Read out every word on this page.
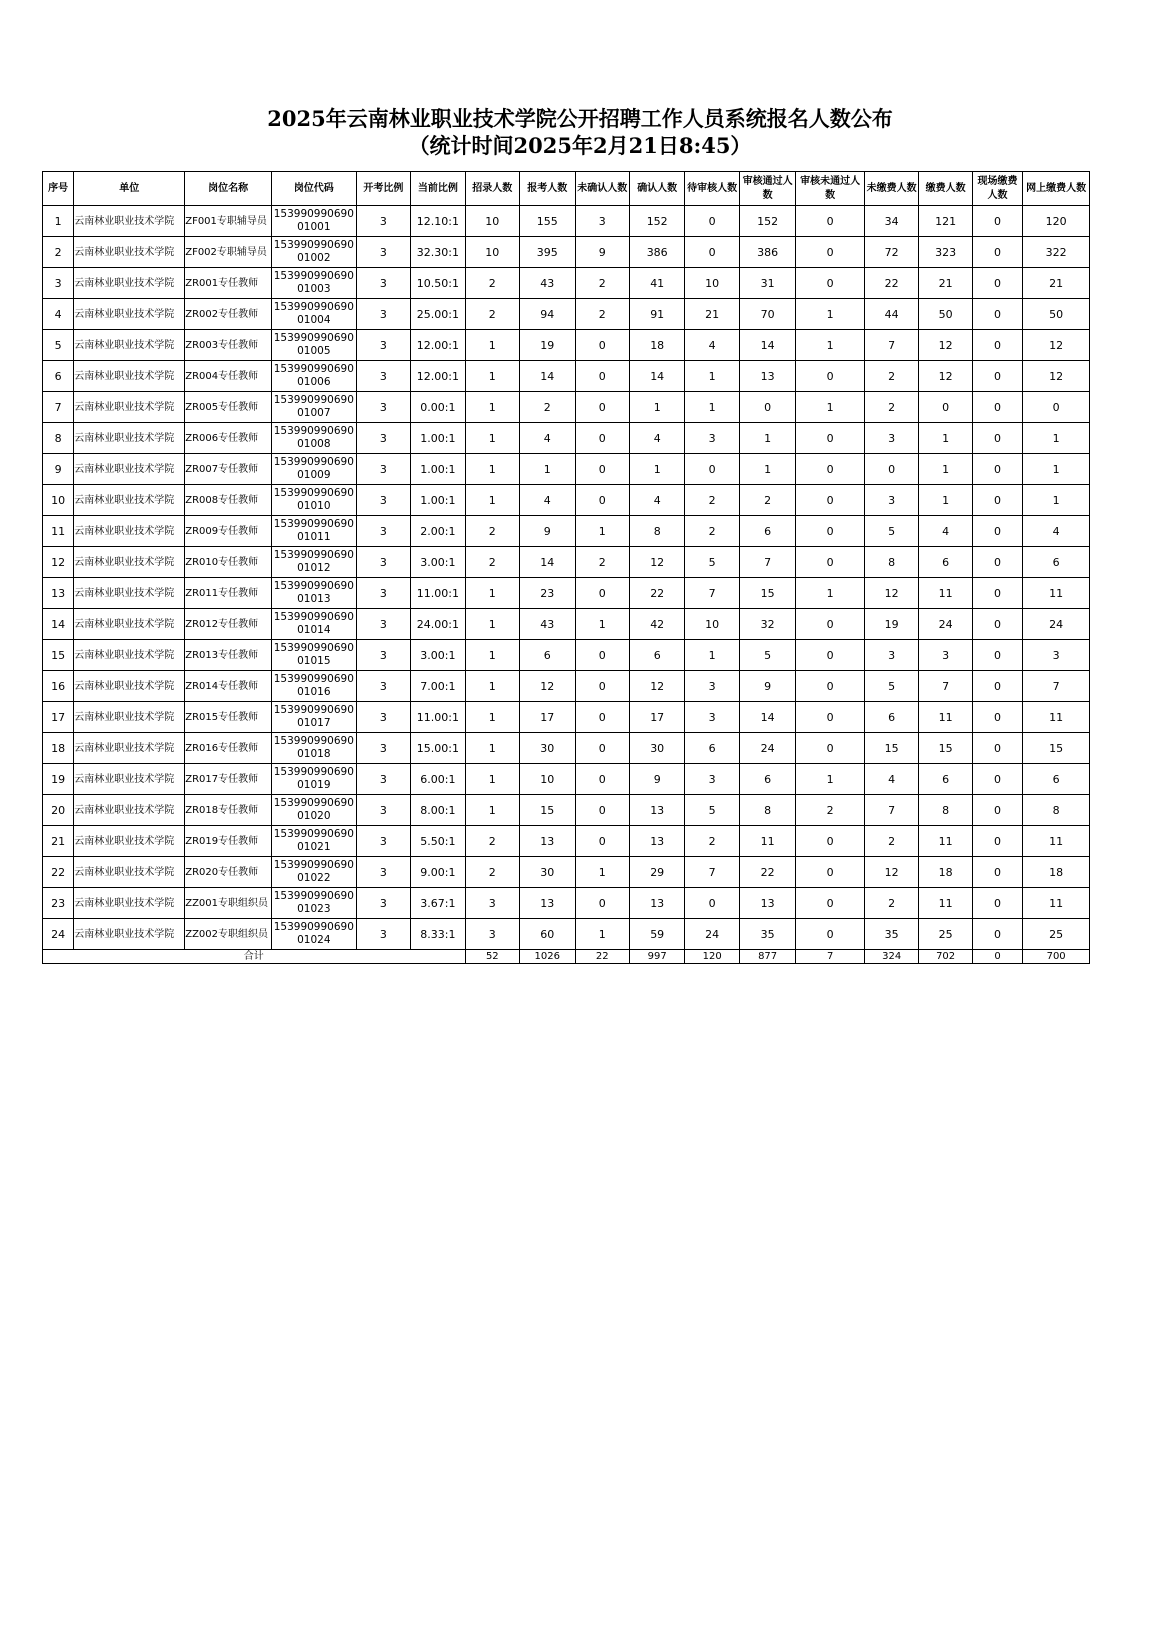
2025年云南林业职业技术学院公开招聘工作人员系统报名人数公布
（统计时间2025年2月21日8:45）
序号	单位	岗位名称	岗位代码	开考比例	当前比例	招录人数	报考人数	未确认人数	确认人数	待审核人数	审核通过人数	审核未通过人数	未缴费人数	缴费人数	现场缴费人数	网上缴费人数
1	云南林业职业技术学院	ZF001专职辅导员	15399099069001001	3	12.10:1	10	155	3	152	0	152	0	34	121	0	120
2	云南林业职业技术学院	ZF002专职辅导员	15399099069001002	3	32.30:1	10	395	9	386	0	386	0	72	323	0	322
3	云南林业职业技术学院	ZR001专任教师	15399099069001003	3	10.50:1	2	43	2	41	10	31	0	22	21	0	21
4	云南林业职业技术学院	ZR002专任教师	15399099069001004	3	25.00:1	2	94	2	91	21	70	1	44	50	0	50
5	云南林业职业技术学院	ZR003专任教师	15399099069001005	3	12.00:1	1	19	0	18	4	14	1	7	12	0	12
6	云南林业职业技术学院	ZR004专任教师	15399099069001006	3	12.00:1	1	14	0	14	1	13	0	2	12	0	12
7	云南林业职业技术学院	ZR005专任教师	15399099069001007	3	0.00:1	1	2	0	1	1	0	1	2	0	0	0
8	云南林业职业技术学院	ZR006专任教师	15399099069001008	3	1.00:1	1	4	0	4	3	1	0	3	1	0	1
9	云南林业职业技术学院	ZR007专任教师	15399099069001009	3	1.00:1	1	1	0	1	0	1	0	0	1	0	1
10	云南林业职业技术学院	ZR008专任教师	15399099069001010	3	1.00:1	1	4	0	4	2	2	0	3	1	0	1
11	云南林业职业技术学院	ZR009专任教师	15399099069001011	3	2.00:1	2	9	1	8	2	6	0	5	4	0	4
12	云南林业职业技术学院	ZR010专任教师	15399099069001012	3	3.00:1	2	14	2	12	5	7	0	8	6	0	6
13	云南林业职业技术学院	ZR011专任教师	15399099069001013	3	11.00:1	1	23	0	22	7	15	1	12	11	0	11
14	云南林业职业技术学院	ZR012专任教师	15399099069001014	3	24.00:1	1	43	1	42	10	32	0	19	24	0	24
15	云南林业职业技术学院	ZR013专任教师	15399099069001015	3	3.00:1	1	6	0	6	1	5	0	3	3	0	3
16	云南林业职业技术学院	ZR014专任教师	15399099069001016	3	7.00:1	1	12	0	12	3	9	0	5	7	0	7
17	云南林业职业技术学院	ZR015专任教师	15399099069001017	3	11.00:1	1	17	0	17	3	14	0	6	11	0	11
18	云南林业职业技术学院	ZR016专任教师	15399099069001018	3	15.00:1	1	30	0	30	6	24	0	15	15	0	15
19	云南林业职业技术学院	ZR017专任教师	15399099069001019	3	6.00:1	1	10	0	9	3	6	1	4	6	0	6
20	云南林业职业技术学院	ZR018专任教师	15399099069001020	3	8.00:1	1	15	0	13	5	8	2	7	8	0	8
21	云南林业职业技术学院	ZR019专任教师	15399099069001021	3	5.50:1	2	13	0	13	2	11	0	2	11	0	11
22	云南林业职业技术学院	ZR020专任教师	15399099069001022	3	9.00:1	2	30	1	29	7	22	0	12	18	0	18
23	云南林业职业技术学院	ZZ001专职组织员	15399099069001023	3	3.67:1	3	13	0	13	0	13	0	2	11	0	11
24	云南林业职业技术学院	ZZ002专职组织员	15399099069001024	3	8.33:1	3	60	1	59	24	35	0	35	25	0	25
合计						52	1026	22	997	120	877	7	324	702	0	700
